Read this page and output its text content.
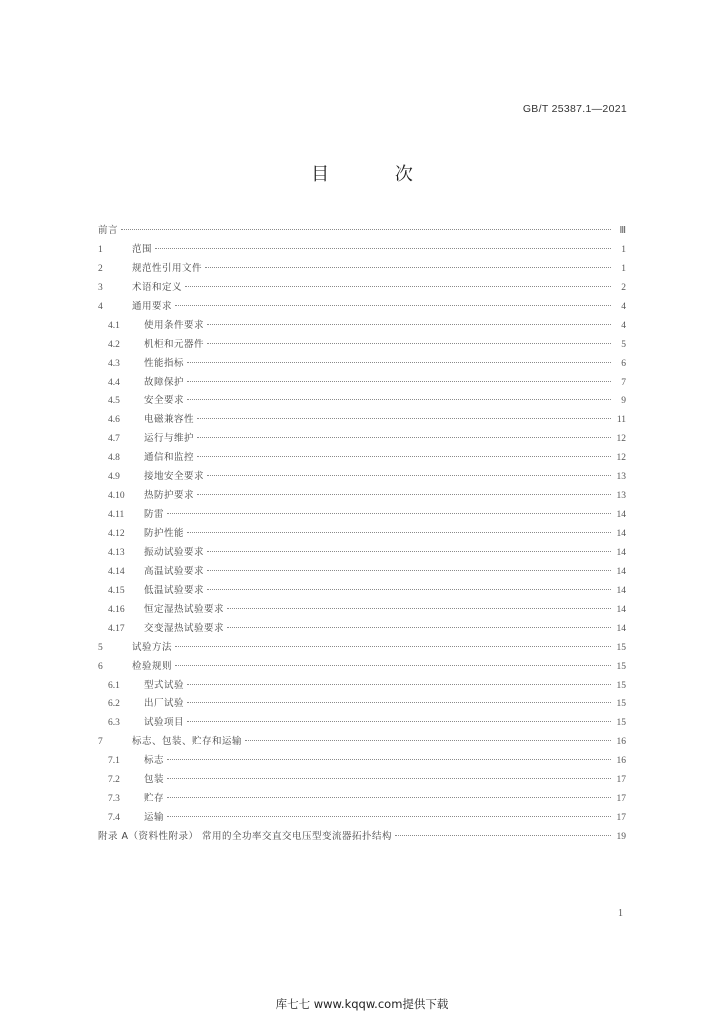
GB/T 25387.1—2021
目 次
前言	Ⅲ
1	范围	1
2	规范性引用文件	1
3	术语和定义	2
4	通用要求	4
4.1	使用条件要求	4
4.2	机柜和元器件	5
4.3	性能指标	6
4.4	故障保护	7
4.5	安全要求	9
4.6	电磁兼容性	11
4.7	运行与维护	12
4.8	通信和监控	12
4.9	接地安全要求	13
4.10	热防护要求	13
4.11	防雷	14
4.12	防护性能	14
4.13	振动试验要求	14
4.14	高温试验要求	14
4.15	低温试验要求	14
4.16	恒定湿热试验要求	14
4.17	交变湿热试验要求	14
5	试验方法	15
6	检验规则	15
6.1	型式试验	15
6.2	出厂试验	15
6.3	试验项目	15
7	标志、包装、贮存和运输	16
7.1	标志	16
7.2	包装	17
7.3	贮存	17
7.4	运输	17
附录 A（资料性附录） 常用的全功率交直交电压型变流器拓扑结构	19
1
库七七 www.kqqw.com提供下载
